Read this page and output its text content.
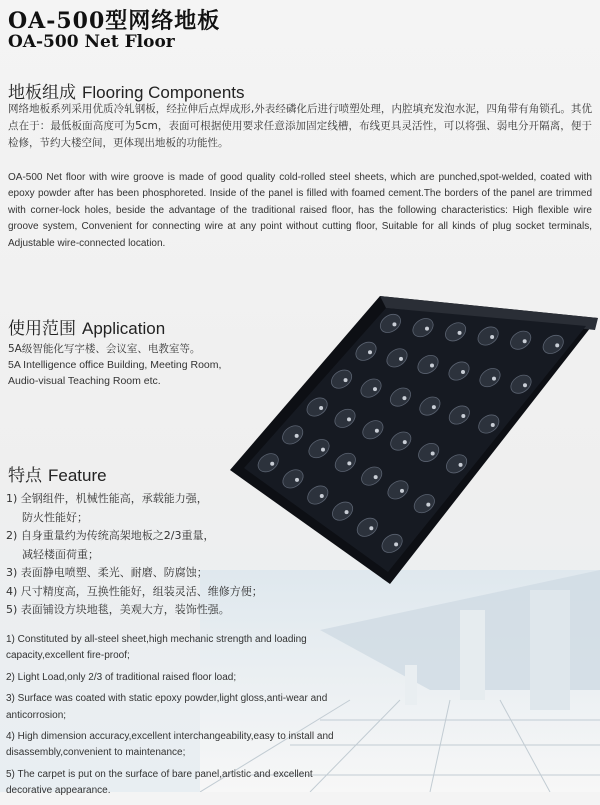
OA-500型网络地板
OA-500 Net Floor
地板组成 Flooring Components
网络地板系列采用优质冷轧钢板，经拉伸后点焊成形,外表经磷化后进行喷塑处理，内腔填充发泡水泥，四角带有角锁孔。其优点在于：最低板面高度可为5cm，表面可根据使用要求任意添加固定线槽，布线更具灵活性，可以将强、弱电分开隔离，便于检修，节约大楼空间，更体现出地板的功能性。
OA-500 Net floor with wire groove is made of good quality cold-rolled steel sheets, which are punched,spot-welded, coated with epoxy powder after has been phosphoreted. Inside of the panel is filled with foamed cement.The borders of the panel are trimmed with corner-lock holes, beside the advantage of the traditional raised floor, has the following characteristics: High flexible wire groove system, Convenient for connecting wire at any point without cutting floor, Suitable for all kinds of plug socket terminals, Adjustable wire-connected location.
使用范围 Application
5A级智能化写字楼、会议室、电教室等。
5A Intelligence office Building, Meeting Room,
Audio-visual Teaching Room etc.
特点 Feature
1) 全钢组件，机械性能高，承载能力强，
防火性能好；
2) 自身重量约为传统高架地板之2/3重量，
减轻楼面荷重；
3) 表面静电喷塑、柔光、耐磨、防腐蚀；
4) 尺寸精度高，互换性能好，组装灵活、维修方便；
5) 表面铺设方块地毯，美观大方，装饰性强。

1) Constituted by all-steel sheet,high mechanic strength and loading capacity,excellent fire-proof;

2) Light Load,only 2/3 of traditional raised floor load;

3) Surface was coated with static epoxy powder,light gloss,anti-wear and anticorrosion;

4) High dimension accuracy,excellent interchangeability,easy to install and disassembly,convenient to maintenance;

5) The carpet is put on the surface of bare panel,artistic and excellent decorative appearance.
